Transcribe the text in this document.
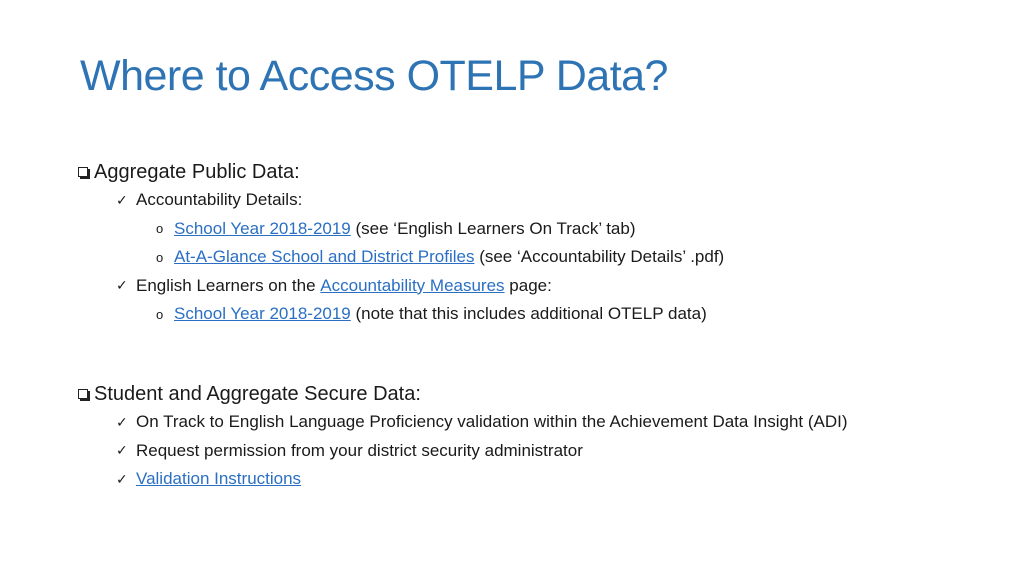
Where to Access OTELP Data?
Aggregate Public Data:
✓ Accountability Details:
o School Year 2018-2019
(see ‘English Learners On Track’ tab)
o At-A-Glance School and District Profiles
(see ‘Accountability Details’ .pdf)
✓ English Learners on the
Accountability Measures
page:
o School Year 2018-2019
(note that this includes additional OTELP data)
Student and Aggregate Secure Data:
✓ On Track to English Language Proficiency validation within the Achievement Data Insight (ADI)
✓ Request permission from your district security administrator
✓ Validation Instructions
